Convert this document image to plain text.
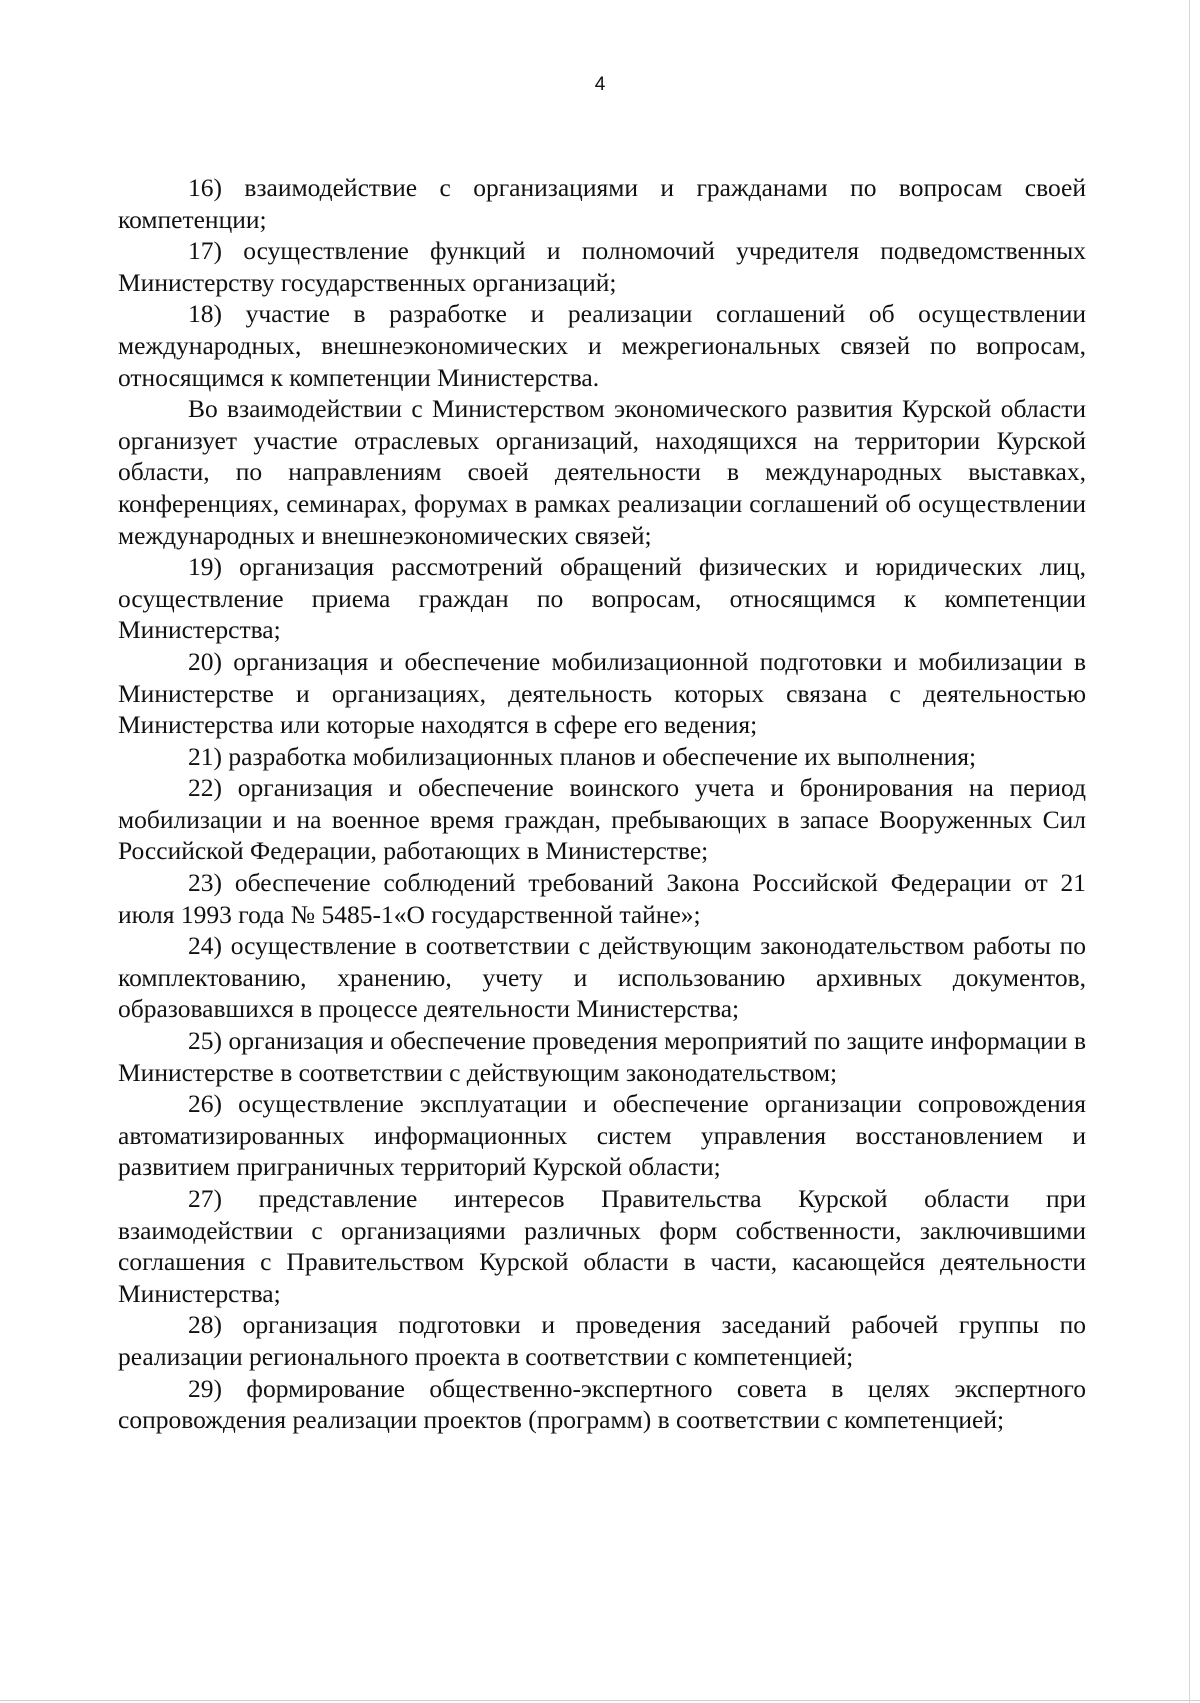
4

16) взаимодействие с организациями и гражданами по вопросам своей компетенции;

17) осуществление функций и полномочий учредителя подведомственных Министерству государственных организаций;

18) участие в разработке и реализации соглашений об осуществлении международных, внешнеэкономических и межрегиональных связей по вопросам, относящимся к компетенции Министерства.

Во взаимодействии с Министерством экономического развития Курской области организует участие отраслевых организаций, находящихся на территории Курской области, по направлениям своей деятельности в международных выставках, конференциях, семинарах, форумах в рамках реализации соглашений об осуществлении международных и внешнеэкономических связей;

19) организация рассмотрений обращений физических и юридических лиц, осуществление приема граждан по вопросам, относящимся к компетенции Министерства;

20) организация и обеспечение мобилизационной подготовки и мобилизации в Министерстве и организациях, деятельность которых связана с деятельностью Министерства или которые находятся в сфере его ведения;

21) разработка мобилизационных планов и обеспечение их выполнения;

22) организация и обеспечение воинского учета и бронирования на период мобилизации и на военное время граждан, пребывающих в запасе Вооруженных Сил Российской Федерации, работающих в Министерстве;

23) обеспечение соблюдений требований Закона Российской Федерации от 21 июля 1993 года № 5485-1«О государственной тайне»;

24) осуществление в соответствии с действующим законодательством работы по комплектованию, хранению, учету и использованию архивных документов, образовавшихся в процессе деятельности Министерства;

25) организация и обеспечение проведения мероприятий по защите информации в Министерстве в соответствии с действующим законодательством;

26) осуществление эксплуатации и обеспечение организации сопровождения автоматизированных информационных систем управления восстановлением и развитием приграничных территорий Курской области;

27) представление интересов Правительства Курской области при взаимодействии с организациями различных форм собственности, заключившими соглашения с Правительством Курской области в части, касающейся деятельности Министерства;

28) организация подготовки и проведения заседаний рабочей группы по реализации регионального проекта в соответствии с компетенцией;

29) формирование общественно-экспертного совета в целях экспертного сопровождения реализации проектов (программ) в соответствии с компетенцией;
